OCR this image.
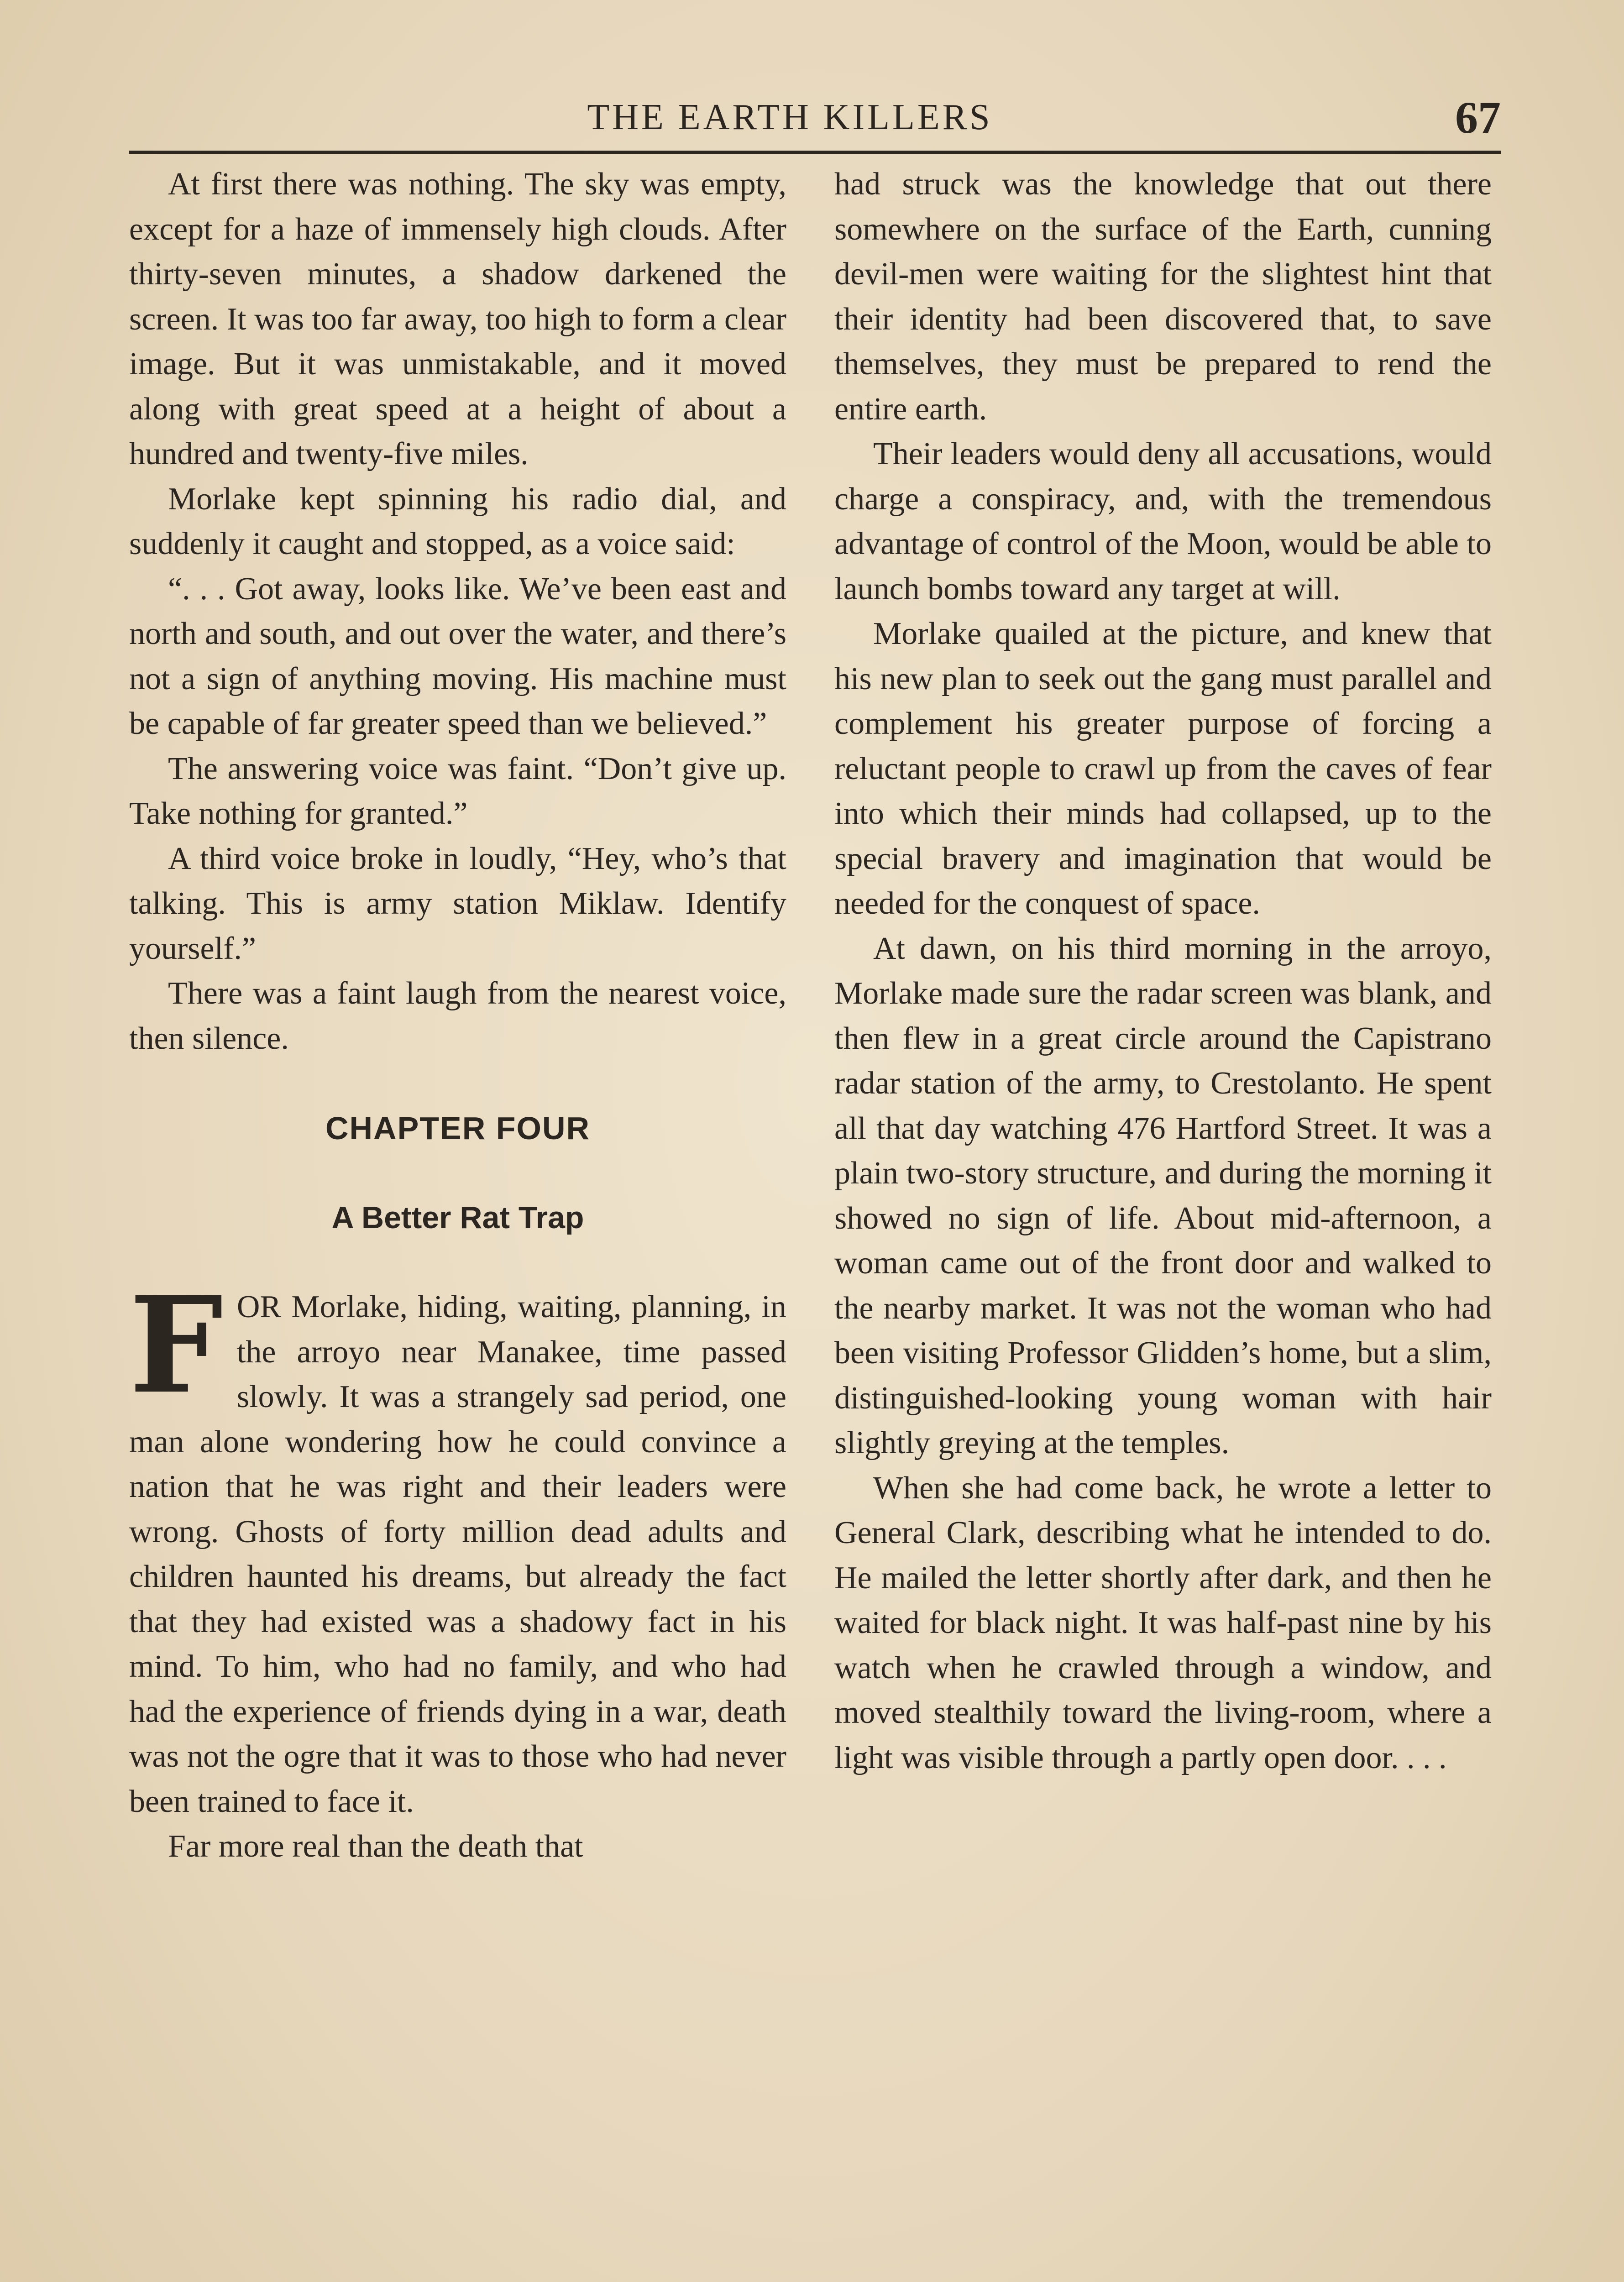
THE EARTH KILLERS	67

At first there was nothing. The sky was empty, except for a haze of immensely high clouds. After thirty-seven minutes, a shadow darkened the screen. It was too far away, too high to form a clear image. But it was unmistakable, and it moved along with great speed at a height of about a hundred and twenty-five miles.

Morlake kept spinning his radio dial, and suddenly it caught and stopped, as a voice said:

“. . . Got away, looks like. We’ve been east and north and south, and out over the water, and there’s not a sign of anything moving. His machine must be capable of far greater speed than we believed.”

The answering voice was faint. “Don’t give up. Take nothing for granted.”

A third voice broke in loudly, “Hey, who’s that talking. This is army station Miklaw. Identify yourself.”

There was a faint laugh from the nearest voice, then silence.

CHAPTER FOUR
A Better Rat Trap

F OR Morlake, hiding, waiting, planning, in the arroyo near Manakee, time passed slowly. It was a strangely sad period, one man alone wondering how he could convince a nation that he was right and their leaders were wrong. Ghosts of forty million dead adults and children haunted his dreams, but already the fact that they had existed was a shadowy fact in his mind. To him, who had no family, and who had had the experience of friends dying in a war, death was not the ogre that it was to those who had never been trained to face it.

Far more real than the death that

had struck was the knowledge that out there somewhere on the surface of the Earth, cunning devil-men were waiting for the slightest hint that their identity had been discovered that, to save themselves, they must be prepared to rend the entire earth.

Their leaders would deny all accusations, would charge a conspiracy, and, with the tremendous advantage of control of the Moon, would be able to launch bombs toward any target at will.

Morlake quailed at the picture, and knew that his new plan to seek out the gang must parallel and complement his greater purpose of forcing a reluctant people to crawl up from the caves of fear into which their minds had collapsed, up to the special bravery and imagination that would be needed for the conquest of space.

At dawn, on his third morning in the arroyo, Morlake made sure the radar screen was blank, and then flew in a great circle around the Capistrano radar station of the army, to Crestolanto. He spent all that day watching 476 Hartford Street. It was a plain two-story structure, and during the morning it showed no sign of life. About mid-afternoon, a woman came out of the front door and walked to the nearby market. It was not the woman who had been visiting Professor Glidden’s home, but a slim, distinguished-looking young woman with hair slightly greying at the temples.

When she had come back, he wrote a letter to General Clark, describing what he intended to do. He mailed the letter shortly after dark, and then he waited for black night. It was half-past nine by his watch when he crawled through a window, and moved stealthily toward the living-room, where a light was visible through a partly open door. . . .
